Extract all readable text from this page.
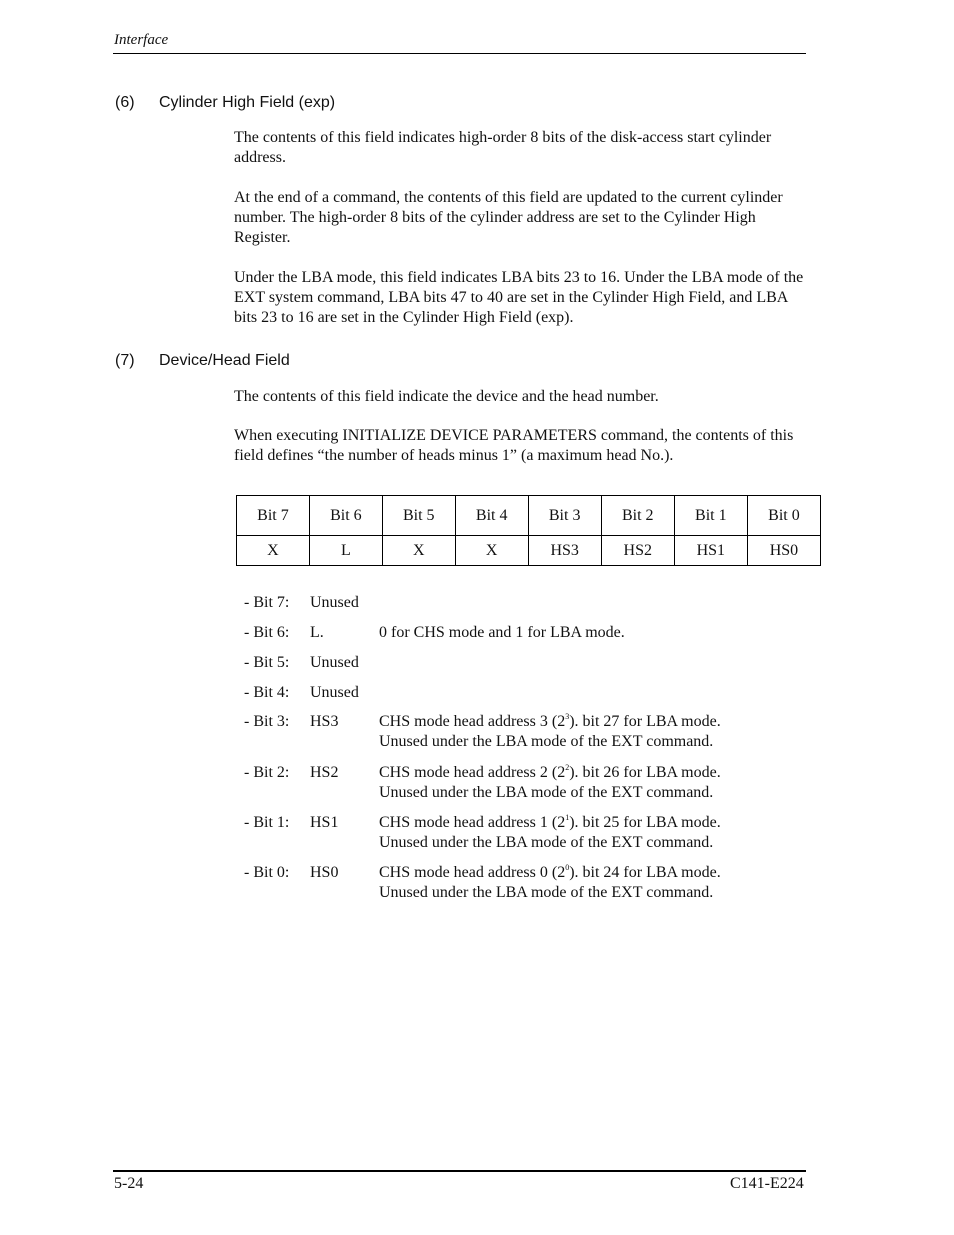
Interface
(6) Cylinder High Field (exp)
The contents of this field indicates high-order 8 bits of the disk-access start cylinder address.
At the end of a command, the contents of this field are updated to the current cylinder number. The high-order 8 bits of the cylinder address are set to the Cylinder High Register.
Under the LBA mode, this field indicates LBA bits 23 to 16. Under the LBA mode of the EXT system command, LBA bits 47 to 40 are set in the Cylinder High Field, and LBA bits 23 to 16 are set in the Cylinder High Field (exp).
(7) Device/Head Field
The contents of this field indicate the device and the head number.
When executing INITIALIZE DEVICE PARAMETERS command, the contents of this field defines “the number of heads minus 1” (a maximum head No.).
Bit 7	Bit 6	Bit 5	Bit 4	Bit 3	Bit 2	Bit 1	Bit 0
X	L	X	X	HS3	HS2	HS1	HS0
- Bit 7:	Unused
- Bit 6:	L.	0 for CHS mode and 1 for LBA mode.
- Bit 5:	Unused
- Bit 4:	Unused
- Bit 3:	HS3	CHS mode head address 3 $(2^3)$. bit 27 for LBA mode.
Unused under the LBA mode of the EXT command.
- Bit 2:	HS2	CHS mode head address 2 $(2^2)$. bit 26 for LBA mode.
Unused under the LBA mode of the EXT command.
- Bit 1:	HS1	CHS mode head address 1 $(2^1)$. bit 25 for LBA mode.
Unused under the LBA mode of the EXT command.
- Bit 0:	HS0	CHS mode head address 0 $(2^0)$. bit 24 for LBA mode.
Unused under the LBA mode of the EXT command.
5-24	C141-E224
